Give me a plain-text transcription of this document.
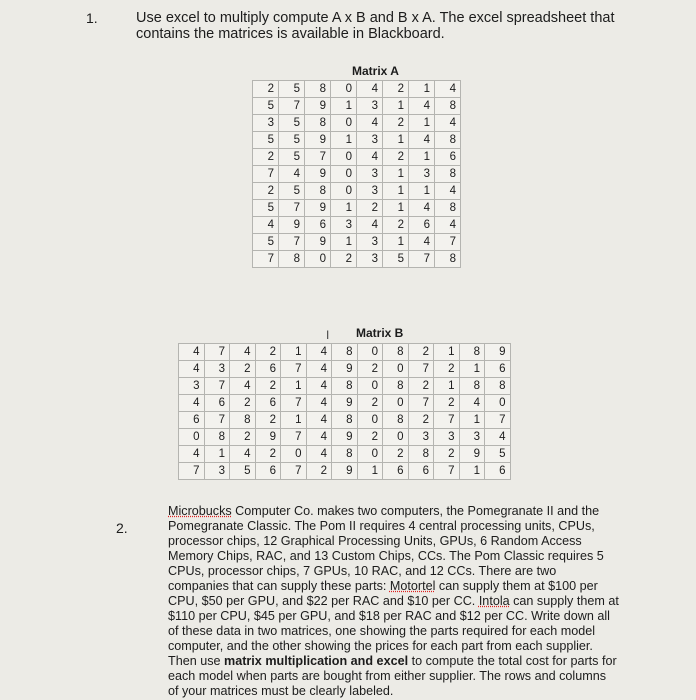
1.	Use excel to multiply compute A x B and B x A. The excel spreadsheet that
contains the matrices is available in Blackboard.
Matrix A
2	5	8	0	4	2	1	4
5	7	9	1	3	1	4	8
3	5	8	0	4	2	1	4
5	5	9	1	3	1	4	8
2	5	7	0	4	2	1	6
7	4	9	0	3	1	3	8
2	5	8	0	3	1	1	4
5	7	9	1	2	1	4	8
4	9	6	3	4	2	6	4
5	7	9	1	3	1	4	7
7	8	0	2	3	5	7	8
I Matrix B
4	7	4	2	1	4	8	0	8	2	1	8	9
4	3	2	6	7	4	9	2	0	7	2	1	6
3	7	4	2	1	4	8	0	8	2	1	8	8
4	6	2	6	7	4	9	2	0	7	2	4	0
6	7	8	2	1	4	8	0	8	2	7	1	7
0	8	2	9	7	4	9	2	0	3	3	3	4
4	1	4	2	0	4	8	0	2	8	2	9	5
7	3	5	6	7	2	9	1	6	6	7	1	6
2.
Microbucks Computer Co. makes two computers, the Pomegranate II and the
Pomegranate Classic. The Pom II requires 4 central processing units, CPUs,
processor chips, 12 Graphical Processing Units, GPUs, 6 Random Access
Memory Chips, RAC, and 13 Custom Chips, CCs. The Pom Classic requires 5
CPUs, processor chips, 7 GPUs, 10 RAC, and 12 CCs. There are two
companies that can supply these parts: Motortel can supply them at $100 per
CPU, $50 per GPU, and $22 per RAC and $10 per CC. Intola can supply them at
$110 per CPU, $45 per GPU, and $18 per RAC and $12 per CC. Write down all
of these data in two matrices, one showing the parts required for each model
computer, and the other showing the prices for each part from each supplier.
Then use matrix multiplication and excel to compute the total cost for parts for
each model when parts are bought from either supplier. The rows and columns
of your matrices must be clearly labeled.
